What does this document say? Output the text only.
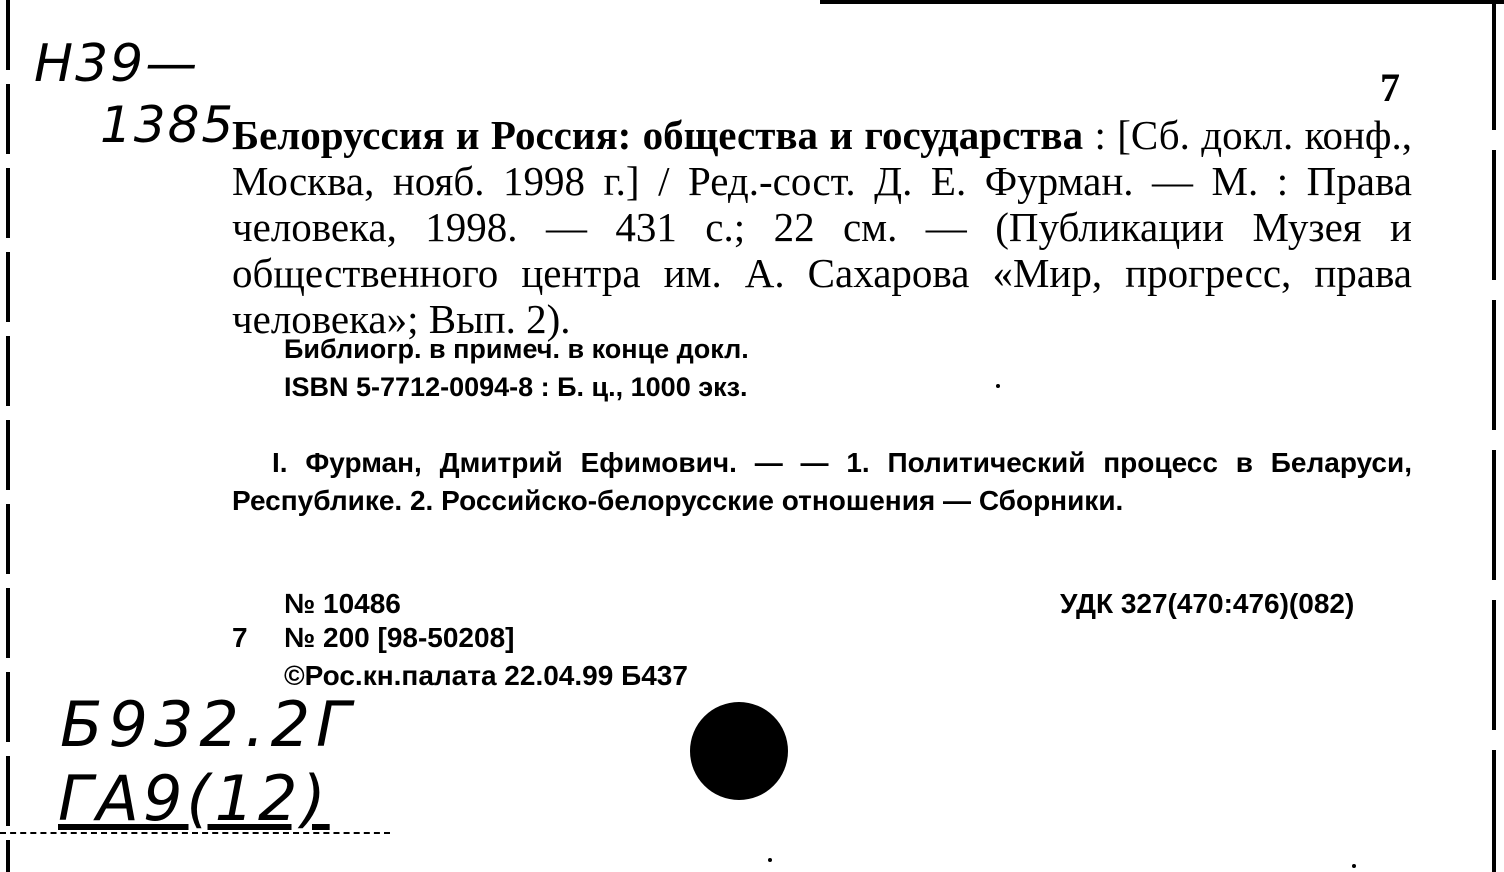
Н39—
1385
7
Белоруссия и Россия: общества и государства : [Сб. докл. конф., Москва, нояб. 1998 г.] / Ред.-сост. Д. Е. Фурман. — М. : Права человека, 1998. — 431 с.; 22 см. — (Публикации Музея и общественного центра им. А. Сахарова «Мир, прогресс, права человека»; Вып. 2).
Библиогр. в примеч. в конце докл.
ISBN 5-7712-0094-8 : Б. ц., 1000 экз.
I. Фурман, Дмитрий Ефимович. — — 1. Политический процесс в Беларуси, Республике. 2. Российско-белорусские отношения — Сборники.
№ 10486	УДК 327(470:476)(082)
7 № 200 [98-50208]
©Рос.кн.палата 22.04.99 Б437
Б932.2Г
ГА9(12)
